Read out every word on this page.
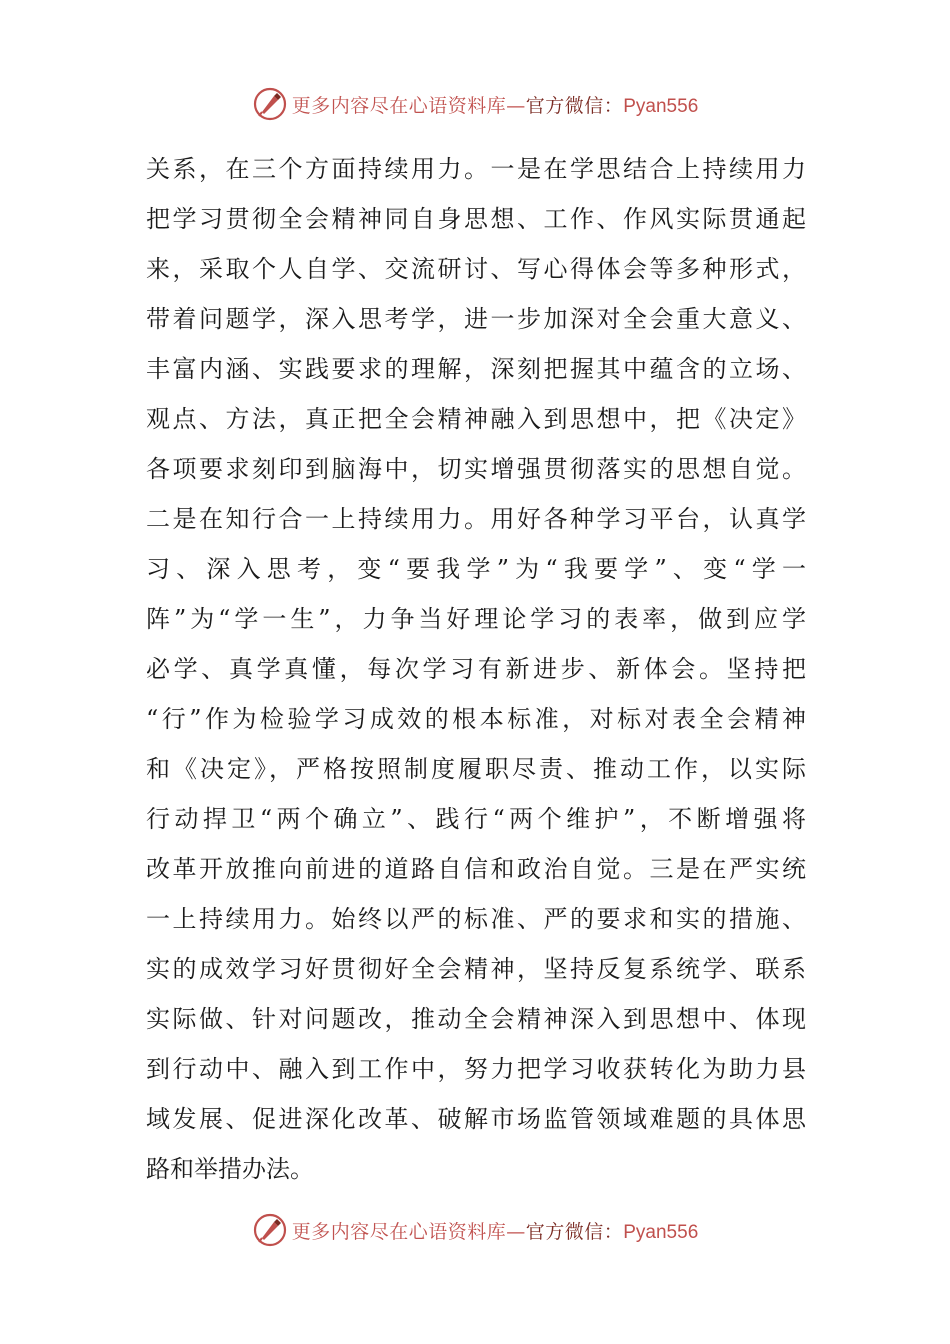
更多内容尽在心语资料库—官方微信：Pyan556
关系，在三个方面持续用力。一是在学思结合上持续用力
把学习贯彻全会精神同自身思想、工作、作风实际贯通起
来，采取个人自学、交流研讨、写心得体会等多种形式，
带着问题学，深入思考学，进一步加深对全会重大意义、
丰富内涵、实践要求的理解，深刻把握其中蕴含的立场、
观点、方法，真正把全会精神融入到思想中，把《决定》
各项要求刻印到脑海中，切实增强贯彻落实的思想自觉。
二是在知行合一上持续用力。用好各种学习平台，认真学
习、深入思考，变“要我学”为“我要学”、变“学一
阵”为“学一生”，力争当好理论学习的表率，做到应学
必学、真学真懂，每次学习有新进步、新体会。坚持把
“行”作为检验学习成效的根本标准，对标对表全会精神
和《决定》，严格按照制度履职尽责、推动工作，以实际
行动捍卫“两个确立”、践行“两个维护”，不断增强将
改革开放推向前进的道路自信和政治自觉。三是在严实统
一上持续用力。始终以严的标准、严的要求和实的措施、
实的成效学习好贯彻好全会精神，坚持反复系统学、联系
实际做、针对问题改，推动全会精神深入到思想中、体现
到行动中、融入到工作中，努力把学习收获转化为助力县
域发展、促进深化改革、破解市场监管领域难题的具体思
路和举措办法。
更多内容尽在心语资料库—官方微信：Pyan556
